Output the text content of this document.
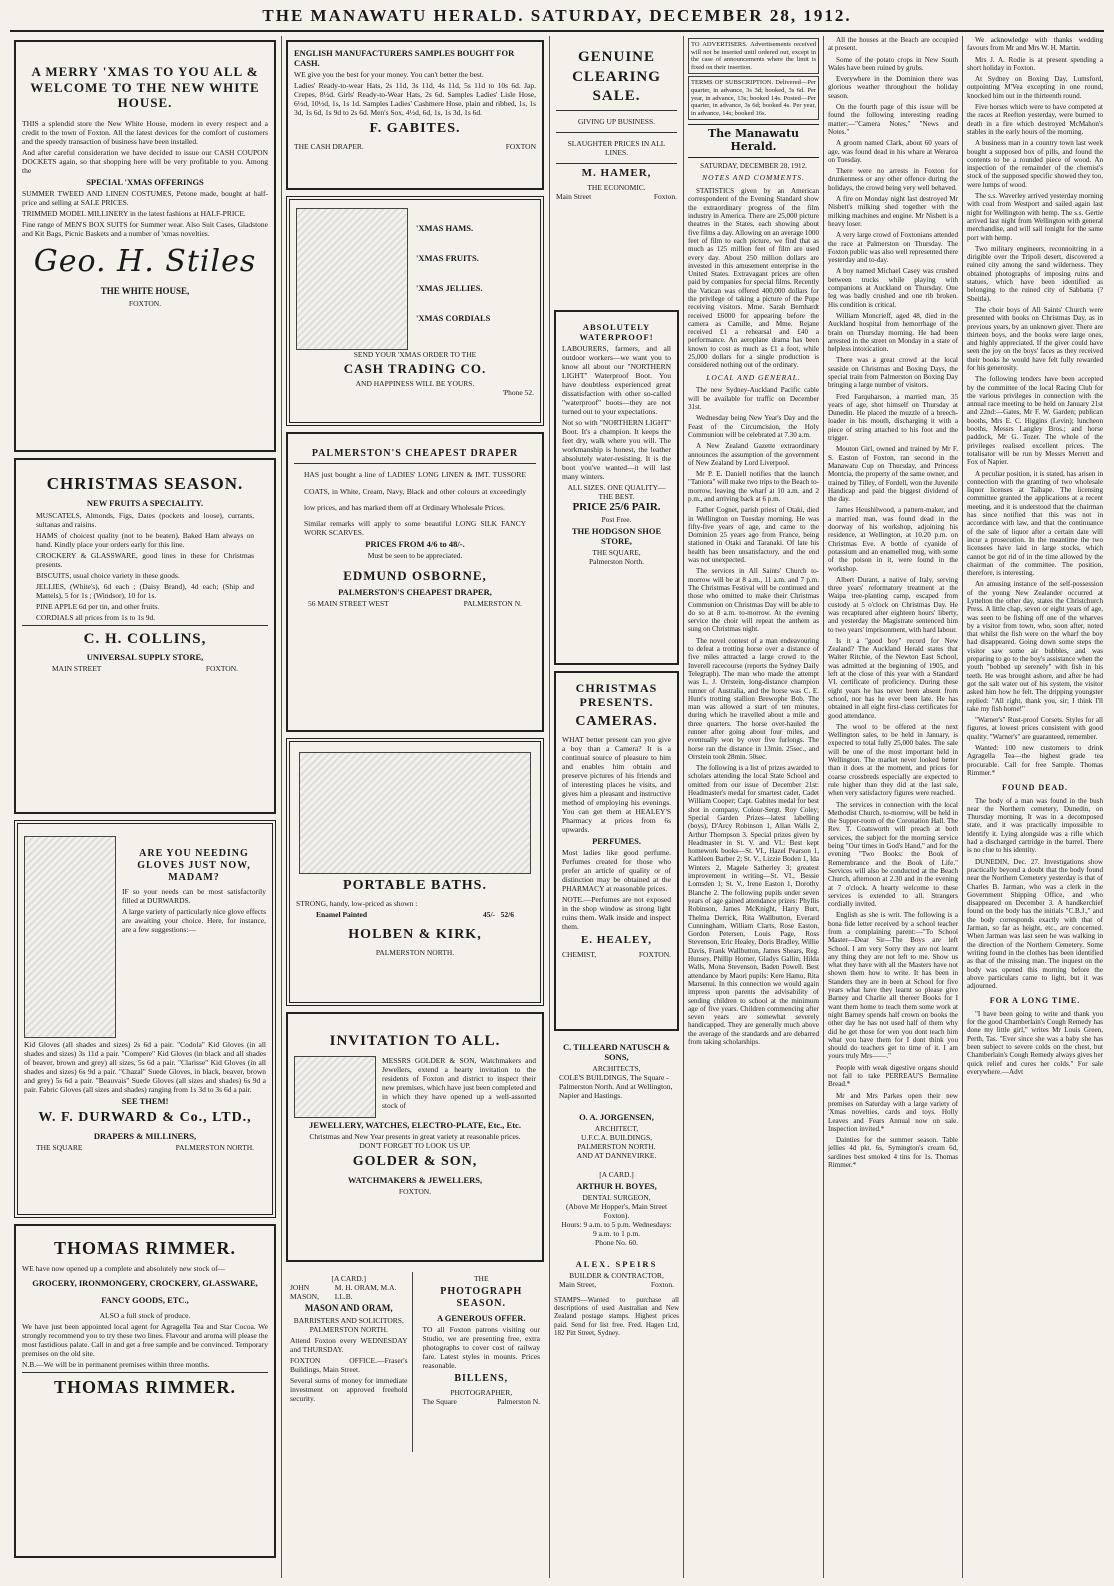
THE MANAWATU HERALD. SATURDAY, DECEMBER 28, 1912.
A MERRY 'XMAS TO YOU ALL & WELCOME TO THE NEW WHITE HOUSE.

THIS a splendid store the New White House, modern in every respect and a credit to the town of Foxton. All the latest devices for the comfort of customers and the speedy transaction of business have been installed.

And after careful consideration we have decided to issue our CASH COUPON DOCKETS again, so that shopping here will be very profitable to you. Among the

SPECIAL 'XMAS OFFERINGS

SUMMER TWEED AND LINEN COSTUMES, Petone made, bought at half-price and selling at SALE PRICES.

TRIMMED MODEL MILLINERY in the latest fashions at HALF-PRICE.

Fine range of MEN'S BOX SUITS for Summer wear. Also Suit Cases, Gladstone and Kit Bags, Picnic Baskets and a number of 'xmas novelties.

Geo. H. Stiles
THE WHITE HOUSE,
FOXTON.
CHRISTMAS SEASON.
NEW FRUITS A SPECIALITY.

MUSCATELS, Almonds, Figs, Dates (pockets and loose), currants, sultanas and raisins.

HAMS of choicest quality (not to be beaten). Baked Ham always on hand. Kindly place your orders early for this line.

CROCKERY & GLASSWARE, good lines in these for Christmas presents.

BISCUITS, usual choice variety in these goods.

JELLIES, (White's), 6d each ; (Daisy Brand), 4d each; (Ship and Mattels), 5 for 1s ; (Windsor), 10 for 1s.

PINE APPLE 6d per tin, and other fruits.

CORDIALS all prices from 1s to 1s 9d.

C. H. COLLINS,
UNIVERSAL SUPPLY STORE,
MAIN STREET	FOXTON.
ARE YOU NEEDING GLOVES JUST NOW, MADAM?

IF so your needs can be most satisfactorily filled at DURWARDS.

A large variety of particularly nice glove effects are awaiting your choice. Here, for instance, are a few suggestions:—

Kid Gloves (all shades and sizes) 2s 6d a pair. "Codola" Kid Gloves (in all shades and sizes) 3s 11d a pair. "Compere" Kid Gloves (in black and all shades of beaver, brown and grey) all sizes, 5s 6d a pair. "Clarisse" Kid Gloves (in all shades and sizes) 6s 9d a pair. "Chazal" Suede Gloves, in black, beaver, brown and grey) 5s 6d a pair. "Beauvais" Suede Gloves (all sizes and shades) 6s 9d a pair. Fabric Gloves (all sizes and shades) ranging from 1s 3d to 3s 6d a pair.

SEE THEM!
W. F. DURWARD & Co., LTD.,
DRAPERS & MILLINERS,
THE SQUARE	PALMERSTON NORTH.
THOMAS RIMMER.

WE have now opened up a complete and absolutely new stock of—

GROCERY, IRONMONGERY, CROCKERY, GLASSWARE, FANCY GOODS, ETC.,
ALSO a full stock of produce.

We have just been appointed local agent for Agragella Tea and Star Cocoa. We strongly recommend you to try these two lines. Flavour and aroma will please the most fastidious palate. Call in and get a free sample and be convinced. Temporary premises on the old site.

N.B.—We will be in permanent premises within three months.

THOMAS RIMMER.
ENGLISH MANUFACTURERS SAMPLES BOUGHT FOR CASH.

WE give you the best for your money. You can't better the best.

Ladies' Ready-to-wear Hats, 2s 11d, 3s 11d, 4s 11d, 5s 11d to 10s 6d. Jap. Crepes, 8½d. Girls' Ready-to-Wear Hats, 2s 6d. Samples Ladies' Lisle Hose, 6½d, 10½d, 1s, 1s 1d. Samples Ladies' Cashmere Hose, plain and ribbed, 1s, 1s 3d, 1s 6d, 1s 9d to 2s 6d. Men's Sox, 4½d, 6d, 1s, 1s 3d, 1s 6d.

F. GABITES.
THE CASH DRAPER.	FOXTON
'XMAS HAMS.
'XMAS FRUITS.
'XMAS JELLIES.
'XMAS CORDIALS
SEND YOUR 'XMAS ORDER TO THE
CASH TRADING CO.
AND HAPPINESS WILL BE YOURS.
'Phone 52.
PALMERSTON'S CHEAPEST DRAPER

HAS just bought a line of LADIES' LONG LINEN & IMT. TUSSORE COATS, in White, Cream, Navy, Black and other colours at exceedingly low prices, and has marked them off at Ordinary Wholesale Prices.

Similar remarks will apply to some beautiful LONG SILK FANCY WORK SCARVES.

PRICES FROM 4/6 to 48/-.
Must be seen to be appreciated.
EDMUND OSBORNE,
PALMERSTON'S CHEAPEST DRAPER,
56 MAIN STREET WEST	PALMERSTON N.
PORTABLE BATHS.

STRONG, handy, low-priced as shown :

Enamel Painted	45/- 52/6
HOLBEN & KIRK,
PALMERSTON NORTH.
INVITATION TO ALL.

MESSRS GOLDER & SON, Watchmakers and Jewellers, extend a hearty invitation to the residents of Foxton and district to inspect their new premises, which have just been completed and in which they have opened up a well-assorted stock of

JEWELLERY, WATCHES, ELECTRO-PLATE, Etc., Etc.
Christmas and New Year presents in great variety at reasonable prices.
DON'T FORGET TO LOOK US UP.
GOLDER & SON,
WATCHMAKERS & JEWELLERS,
FOXTON.
[A CARD.]
JOHN MASON,
M. H. ORAM, M.A. LL.B.
MASON AND ORAM,
BARRISTERS AND SOLICITORS, PALMERSTON NORTH.

Attend Foxton every WEDNESDAY and THURSDAY.

FOXTON OFFICE.—Fraser's Buildings, Main Street.

Several sums of money for immediate investment on approved freehold security.

THE
PHOTOGRAPH SEASON.
A GENEROUS OFFER.

TO all Foxton patrons visiting our Studio, we are presenting free, extra photographs to cover cost of railway fare. Latest styles in mounts. Prices reasonable.

BILLENS,
PHOTOGRAPHER,
The Square	Palmerston N.
GENUINE CLEARING SALE.
GIVING UP BUSINESS.
SLAUGHTER PRICES IN ALL LINES.
M. HAMER,
THE ECONOMIC.
Main Street	Foxton.
ABSOLUTELY WATERPROOF!

LABOURERS, farmers, and all outdoor workers—we want you to know all about our "NORTHERN LIGHT" Waterproof Boot. You have doubtless experienced great dissatisfaction with other so-called "waterproof" boots—they are not turned out to your expectations.

Not so with "NORTHERN LIGHT" Boot. It's a champion. It keeps the feet dry, walk where you will. The workmanship is honest, the leather absolutely water-resisting. It is the boot you've wanted—it will last many winters.

ALL SIZES. ONE QUALITY—THE BEST.
PRICE 25/6 PAIR.
Post Free.
THE HODGSON SHOE STORE,
THE SQUARE,
Palmerston North.
CHRISTMAS PRESENTS.
CAMERAS.

WHAT better present can you give a boy than a Camera? It is a continual source of pleasure to him and enables him obtain and preserve pictures of his friends and of interesting places he visits, and gives him a pleasant and instructive method of employing his evenings. You can get them at HEALEY'S Pharmacy at prices from 6s upwards.

PERFUMES.

Most ladies like good perfume. Perfumes created for those who prefer an article of quality or of distinction may be obtained at the PHARMACY at reasonable prices.

NOTE.—Perfumes are not exposed in the shop window as strong light ruins them. Walk inside and inspect them.

E. HEALEY,
CHEMIST,	FOXTON.
C. TILLEARD NATUSCH & SONS,
ARCHITECTS,
COLE'S BUILDINGS, The Square - Palmerston North. And at Wellington, Napier and Hastings.
O. A. JORGENSEN,
ARCHITECT,
U.F.C.A. BUILDINGS, PALMERSTON NORTH.
AND AT DANNEVIRKE.
[A CARD.]
ARTHUR H. BOYES,
DENTAL SURGEON,
(Above Mr Hopper's, Main Street Foxton).
Hours: 9 a.m. to 5 p.m. Wednesdays: 9 a.m. to 1 p.m.
Phone No. 60.
ALEX. SPEIRS
BUILDER & CONTRACTOR,
Main Street,	Foxton.
STAMPS—Wanted to purchase all descriptions of used Australian and New Zealand postage stamps. Highest prices paid. Send for list free. Fred. Hagen Ltd, 182 Pitt Street, Sydney.
TO ADVERTISERS. Advertisements received will not be inserted until ordered out, except in the case of announcements where the limit is fixed on their insertion.
TERMS OF SUBSCRIPTION. Delivered—Per quarter, in advance, 3s 3d; booked, 3s 6d. Per year, in advance, 13s; booked 14s. Posted—Per quarter, in advance, 3s 6d; booked 4s. Per year, in advance, 14s; booked 16s.
The Manawatu Herald.
SATURDAY, DECEMBER 28, 1912.

NOTES AND COMMENTS.

STATISTICS given by an American correspondent of the Evening Standard show the extraordinary progress of the film industry in America. There are 25,000 picture theatres in the States, each showing about five films a day. Allowing on an average 1000 feet of film to each picture, we find that as much as 125 million feet of film are used every day. About 250 million dollars are invested in this amusement enterprise in the United States. Extravagant prices are often paid by companies for special films. Recently the Vatican was offered 400,000 dollars for the privilege of taking a picture of the Pope receiving visitors. Mme. Sarah Bernhardt received £6000 for appearing before the camera as Camille, and Mme. Rejane received £1 a rehearsal and £40 a performance. An aeroplane drama has been known to cost as much as £1 a foot, while 25,000 dollars for a single production is considered nothing out of the ordinary.

LOCAL AND GENERAL.

The new Sydney-Auckland Pacific cable will be available for traffic on December 31st.

Wednesday being New Year's Day and the Feast of the Circumcision, the Holy Communion will be celebrated at 7.30 a.m.

A New Zealand Gazette extraordinary announces the assumption of the government of New Zealand by Lord Liverpool.

Mr P. E. Daniell notifies that the launch "Taniora" will make two trips to the Beach to-morrow, leaving the wharf at 10 a.m. and 2 p.m., and arriving back at 6 p.m.

Father Cognet, parish priest of Otaki, died in Wellington on Tuesday morning. He was fifty-five years of age, and came to the Dominion 25 years ago from France, being stationed in Otaki and Taranaki. Of late his health has been unsatisfactory, and the end was not unexpected.

The services in All Saints' Church to-morrow will be at 8 a.m., 11 a.m. and 7 p.m. The Christmas Festival will be continued and those who omitted to make their Christmas Communion on Christmas Day will be able to do so at 8 a.m. to-morrow. At the evening service the choir will repeat the anthem as sung on Christmas night.

The novel contest of a man endeavouring to defeat a trotting horse over a distance of five miles attracted a large crowd to the Inverell racecourse (reports the Sydney Daily Telegraph). The man who made the attempt was L. J. Orrstein, long-distance champion runner of Australia, and the horse was C. E. Hunt's trotting stallion Brewophe Bob. The man was allowed a start of ten minutes, during which he travelled about a mile and three quarters. The horse over-hauled the runner after going about four miles, and eventually won by over five furlongs. The horse ran the distance in 13min. 25sec., and Orrstein took 28min. 50sec.

The following is a list of prizes awarded to scholars attending the local State School and omitted from our issue of December 21st: Headmaster's medal for smartest cadet, Cadet William Cooper; Capt. Gabites medal for best shot in company, Colour-Sergt. Roy Coley; Special Garden Prizes—latest labelling (boys), D'Arcy Robinson 1, Allan Walls 2, Arthur Thompson 3. Special prizes given by Headmaster in St. V. and VI.: Best kept homework books—St. VI., Hazel Pearson 1, Kathleen Barber 2; St. V., Lizzie Boden 1, Ida Winters 2, Magele Satherley 3; greatest improvement in writing—St. VI., Bessie Lomsden 1; St. V., Irene Easton 1, Dorothy Blanche 2. The following pupils under seven years of age gained attendance prizes: Phyllis Robinson, James McKnight, Harry Burt, Thelma Derrick, Rita Wallbutton, Everard Cunningham, William Clarts, Rose Easton, Gordon Petersen, Louis Page, Ross Stevenson, Eric Healey, Doris Bradley, Willie Davis, Frank Wallbutton, James Shears, Reg. Hunsey, Phillip Homer, Gladys Gallin, Hilda Walls, Mona Stevenson, Baden Powell. Best attendance by Maori pupils: Kere Hamo, Rita Marsenui. In this connection we would again impress upon parents the advisability of sending children to school at the minimum age of five years. Children commencing after seven years are somewhat severely handicapped. They are generally much above the average of the standards and are debarred from taking scholarships.

All the houses at the Beach are occupied at present.

Some of the potato crops in New South Wales have been ruined by grubs.

Everywhere in the Dominion there was glorious weather throughout the holiday season.

On the fourth page of this issue will be found the following interesting reading matter:—"Camera Notes," "News and Notes."

A groom named Clark, about 60 years of age, was found dead in his whare at Weraroa on Tuesday.

There were no arrests in Foxton for drunkenness or any other offence during the holidays, the crowd being very well behaved.

A fire on Monday night last destroyed Mr Nisbett's milking shed together with the milking machines and engine. Mr Nisbett is a heavy loser.

A very large crowd of Foxtonians attended the race at Palmerston on Thursday. The Foxton public was also well represented there yesterday and to-day.

A boy named Michael Casey was crushed between trucks while playing with companions at Auckland on Thursday. One leg was badly crushed and one rib broken. His condition is critical.

William Moncrieff, aged 48, died in the Auckland hospital from hemorrhage of the brain on Thursday morning. He had been arrested in the street on Monday in a state of helpless intoxication.

There was a great crowd at the local seaside on Christmas and Boxing Days, the special train from Palmerston on Boxing Day bringing a large number of visitors.

Fred Farquharson, a married man, 35 years of age, shot himself on Thursday at Dunedin. He placed the muzzle of a breech-loader in his mouth, discharging it with a piece of string attached to his foot and the trigger.

Mouton Girl, owned and trained by Mr F. S. Easton of Foxton, ran second in the Manawatu Cup on Thursday, and Princess Montcia, the property of the same owner, and trained by Tilley, of Fordell, won the Juvenile Handicap and paid the biggest dividend of the day.

James Heushilwood, a pattern-maker, and a married man, was found dead in the doorway of his workshop, adjoining his residence, at Wellington, at 10.20 p.m. on Christmas Eve. A bottle of cyanide of potassium and an enamelled mug, with some of the poison in it, were found in the workshop.

Albert Durant, a native of Italy, serving three years' reformatory treatment at the Waipa tree-planting camp, escaped from custody at 5 o'clock on Christmas Day. He was recaptured after eighteen hours' liberty, and yesterday the Magistrate sentenced him to two years' imprisonment, with hard labour.

Is it a "good boy" record for New Zealand? The Auckland Herald states that Walter Ritchie, of the Newton East School, was admitted at the beginning of 1905, and left at the close of this year with a Standard VI. certificate of proficiency. During these eight years he has never been absent from school, nor has he ever been late. He has obtained in all eight first-class certificates for good attendance.

The wool to be offered at the next Wellington sales, to be held in January, is expected to total fully 25,000 bales. The sale will be one of the most important held in Wellington. The market never looked better than it does at the moment, and prices for coarse crossbreds especially are expected to rule higher than they did at the last sale, when very satisfactory figures were reached.

The services in connection with the local Methodist Church, to-morrow, will be held in the Supper-room of the Coronation Hall. The Rev. T. Coatsworth will preach at both services, the subject for the morning service being "Our times in God's Hand," and for the evening "Two Books: the Book of Remembrance and the Book of Life." Services will also be conducted at the Beach Church, afternoon at 2.30 and in the evening at 7 o'clock. A hearty welcome to these services is extended to all. Strangers cordially invited.

English as she is writ. The following is a bona fide letter received by a school teacher from a complaining parent:—"To School Master—Dear Sir—The Boys are left School. I am very Sorry they are not learnt any thing they are not left to me. Show us what they have with all the Masters have not shown them how to write. It has been in Standers they are in been at School for five years what have they learnt so please give Barney and Charlie all thereer Books for I want them home to teach them some work at night Barney spends half crown on books the other day he has not used half of them why did he get those for wen you dont teach him what you have them for I dont think you should do teachers get to time of it. I am yours truly Mrs——."

People with weak digestive organs should not fail to take PERREAU'S Bermaline Bread.*

Mr and Mrs Parkes open their new premises on Saturday with a large variety of 'Xmas novelties, cards and toys. Holly Leaves and Fears Annual now on sale. Inspection invited.*

Dainties for the summer season. Table jellies 4d pkt. 6s, Symington's cream 6d, sardines best smoked 4 tins for 1s. Thomas Rimmer.*

We acknowledge with thanks wedding favours from Mr and Mrs W. H. Martin.

Mrs J. A. Rodie is at present spending a short holiday in Foxton.

At Sydney on Boxing Day, Lumsford, outpointing M'Vea excepting in one round, knocked him out in the thirteenth round.

Five horses which were to have competed at the races at Reefton yesterday, were burned to death in a fire which destroyed McMahon's stables in the early hours of the morning.

A business man in a country town last week bought a supposed box of pills, and found the contents to be a rounded piece of wood. An inspection of the remainder of the chemist's stock of the supposed specific showed they too, were lumps of wood.

The s.s. Waverley arrived yesterday morning with coal from Westport and sailed again last night for Wellington with hemp. The s.s. Gertie arrived last night from Wellington with general merchandise, and will sail tonight for the same port with hemp.

Two military engineers, reconnoitring in a dirigible over the Tripoli desert, discovered a ruined city among the sand wilderness. They obtained photographs of imposing ruins and statues, which have been identified as belonging to the ruined city of Sabbatta (? Sbeitla).

The choir boys of All Saints' Church were presented with books on Christmas Day, as in previous years, by an unknown giver. There are thirteen boys, and the books were large ones, and highly appreciated. If the giver could have seen the joy on the boys' faces as they received their books he would have felt fully rewarded for his generosity.

The following tenders have been accepted by the committee of the local Racing Club for the various privileges in connection with the annual race meeting to be held on January 21st and 22nd:—Gates, Mr F. W. Garden; publican booths, Mrs E. C. Higgins (Levin); luncheon booths, Messrs Langley Bros.; and horse paddock, Mr G. Tozer. The whole of the privileges realised excellent prices. The totalisator will be run by Messrs Merrett and Fox of Napier.

A peculiar position, it is stated, has arisen in connection with the granting of two wholesale liquor licenses at Taihape. The licensing committee granted the applications at a recent meeting, and it is understood that the chairman has since notified that this was not in accordance with law, and that the continuance of the sale of liquor after a certain date will incur a prosecution. In the meantime the two licensees have laid in large stocks, which cannot be got rid of in the time allowed by the chairman of the committee. The position, therefore, is interesting.

An amusing instance of the self-possession of the young New Zealander occurred at Lyttelton the other day, states the Christchurch Press. A little chap, seven or eight years of age, was seen to be fishing off one of the wharves by a visitor from town, who, soon after, noted that whilst the fish were on the wharf the boy had disappeared. Going down some steps the visitor saw some air bubbles, and was preparing to go to the boy's assistance when the youth "bobbed up serenely" with fish in his teeth. He was brought ashore, and after he had got the salt water out of his system, the visitor asked him how he felt. The dripping youngster replied: "All right, thank you, sir; I think I'll take my fish home!"

"Warner's" Rust-proof Corsets. Styles for all figures, at lowest prices consistent with good quality. "Warner's" are guaranteed, remember.

Wanted: 100 new customers to drink Agragella Tea—the highest grade tea procurable. Call for free Sample. Thomas Rimmer.*

FOUND DEAD.

The body of a man was found in the bush near the Northern cemetery, Dunedin, on Thursday morning. It was in a decomposed state, and it was practically impossible to identify it. Lying alongside was a rifle which had a discharged cartridge in the barrel. There is no clue to his identity.

DUNEDIN, Dec. 27. Investigations show practically beyond a doubt that the body found near the Northern Cemetery yesterday is that of Charles B. Jarman, who was a clerk in the Government Shipping Office, and who disappeared on December 3. A handkerchief found on the body has the initials "C.B.J.," and the body corresponds exactly with that of Jarman, so far as height, etc., are concerned. When Jarman was last seen he was walking in the direction of the Northern Cemetery. Some writing found in the clothes has been identified as that of the missing man. The inquest on the body was opened this morning before the above particulars came to light, but it was adjourned.

FOR A LONG TIME.

"I have been going to write and thank you for the good Chamberlain's Cough Remedy has done my little girl," writes Mr Louis Green, Perth, Tas. "Ever since she was a baby she has been subject to severe colds on the chest, but Chamberlain's Cough Remedy always gives her quick relief and cures her colds." For sale everywhere.—Advt
